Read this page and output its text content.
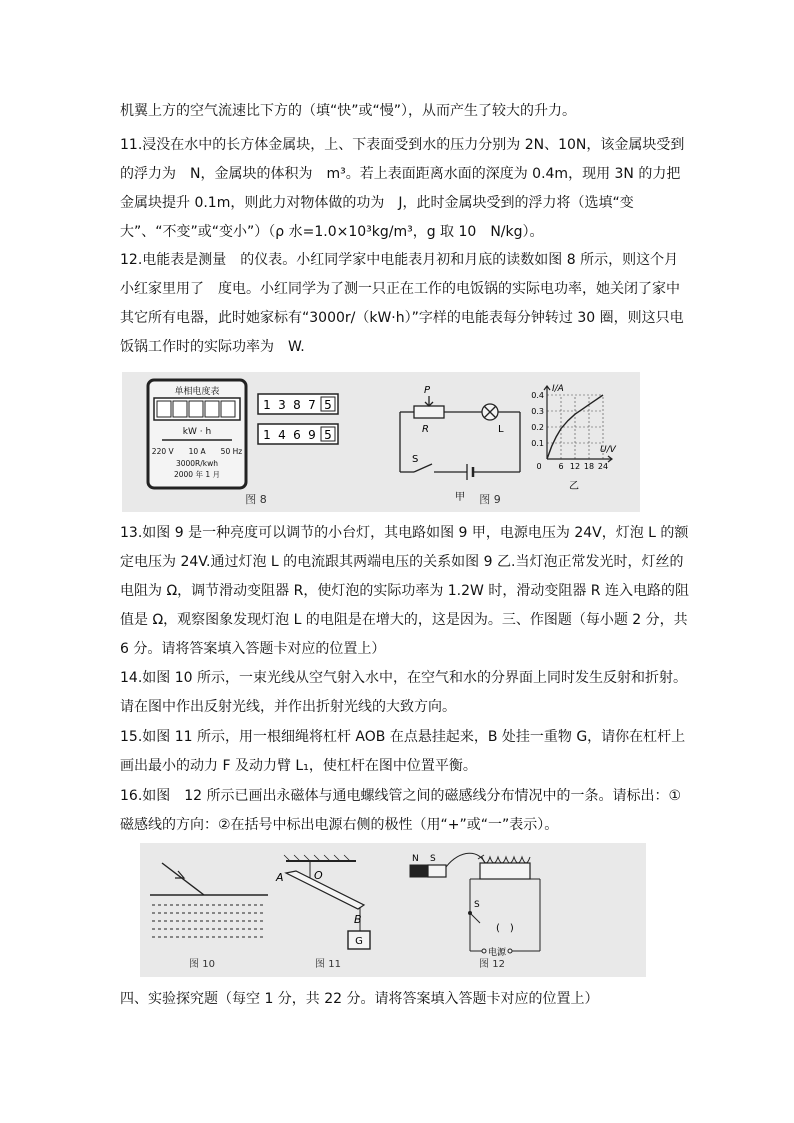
机翼上方的空气流速比下方的（填“快”或“慢”），从而产生了较大的升力。

11.浸没在水中的长方体金属块，上、下表面受到水的压力分别为 2N、10N，该金属块受到的浮力为　N，金属块的体积为　m³。若上表面距离水面的深度为 0.4m，现用 3N 的力把金属块提升 0.1m，则此力对物体做的功为　J，此时金属块受到的浮力将（选填“变大”、“不变”或“变小”）（ρ 水=1.0×10³kg/m³，g 取 10　N/kg）。

12.电能表是测量　的仪表。小红同学家中电能表月初和月底的读数如图 8 所示，则这个月小红家里用了　度电。小红同学为了测一只正在工作的电饭锅的实际电功率，她关闭了家中其它所有电器，此时她家标有“3000r/（kW·h）”字样的电能表每分钟转过 30 圈，则这只电饭锅工作时的实际功率为　W.

13.如图 9 是一种亮度可以调节的小台灯，其电路如图 9 甲，电源电压为 24V，灯泡 L 的额定电压为 24V.通过灯泡 L 的电流跟其两端电压的关系如图 9 乙.当灯泡正常发光时，灯丝的电阻为 Ω，调节滑动变阻器 R，使灯泡的实际功率为 1.2W 时，滑动变阻器 R 连入电路的阻值是 Ω，观察图象发现灯泡 L 的电阻是在增大的，这是因为。三、作图题（每小题 2 分，共 6 分。请将答案填入答题卡对应的位置上）

14.如图 10 所示，一束光线从空气射入水中，在空气和水的分界面上同时发生反射和折射。请在图中作出反射光线，并作出折射光线的大致方向。

15.如图 11 所示，用一根细绳将杠杆 AOB 在点悬挂起来，B 处挂一重物 G，请你在杠杆上画出最小的动力 F 及动力臂 L₁，使杠杆在图中位置平衡。

16.如图　12 所示已画出永磁体与通电螺线管之间的磁感线分布情况中的一条。请标出：①磁感线的方向：②在括号中标出电源右侧的极性（用“+”或“一”表示）。

四、实验探究题（每空 1 分，共 22 分。请将答案填入答题卡对应的位置上）

单相电度表
kW · h
220 V　　10 A　　50 Hz
3000R/kwh
2000 年 1 月
1 3 8 7 5
1 4 6 9 5
图 8
P
R	L
S
甲 图 9
0 6 12 18 24
0.1
0.2
0.3
0.4
I/A
U/V
乙
图 10
A	O
B
G
图 11
N S
S
(　)
电源
图 12
